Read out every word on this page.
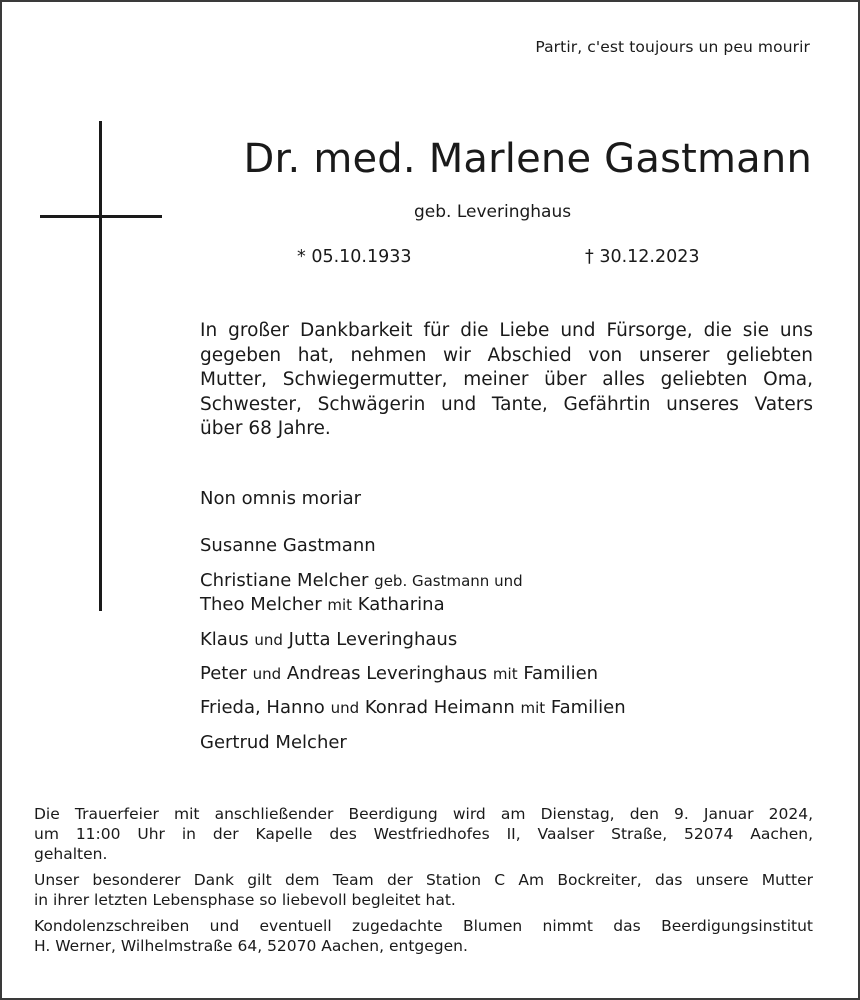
Partir, c'est toujours un peu mourir
Dr. med. Marlene Gastmann
geb. Leveringhaus
* 05.10.1933	† 30.12.2023
In großer Dankbarkeit für die Liebe und Fürsorge, die sie uns
gegeben hat, nehmen wir Abschied von unserer geliebten
Mutter, Schwiegermutter, meiner über alles geliebten Oma,
Schwester, Schwägerin und Tante, Gefährtin unseres Vaters
über 68 Jahre.
Non omnis moriar
Susanne Gastmann
Christiane Melcher geb. Gastmann und
Theo Melcher mit Katharina
Klaus und Jutta Leveringhaus
Peter und Andreas Leveringhaus mit Familien
Frieda, Hanno und Konrad Heimann mit Familien
Gertrud Melcher

Die Trauerfeier mit anschließender Beerdigung wird am Dienstag, den 9. Januar 2024,
um 11:00 Uhr in der Kapelle des Westfriedhofes II, Vaalser Straße, 52074 Aachen,
gehalten.

Unser besonderer Dank gilt dem Team der Station C Am Bockreiter, das unsere Mutter
in ihrer letzten Lebensphase so liebevoll begleitet hat.

Kondolenzschreiben und eventuell zugedachte Blumen nimmt das Beerdigungsinstitut
H. Werner, Wilhelmstraße 64, 52070 Aachen, entgegen.
